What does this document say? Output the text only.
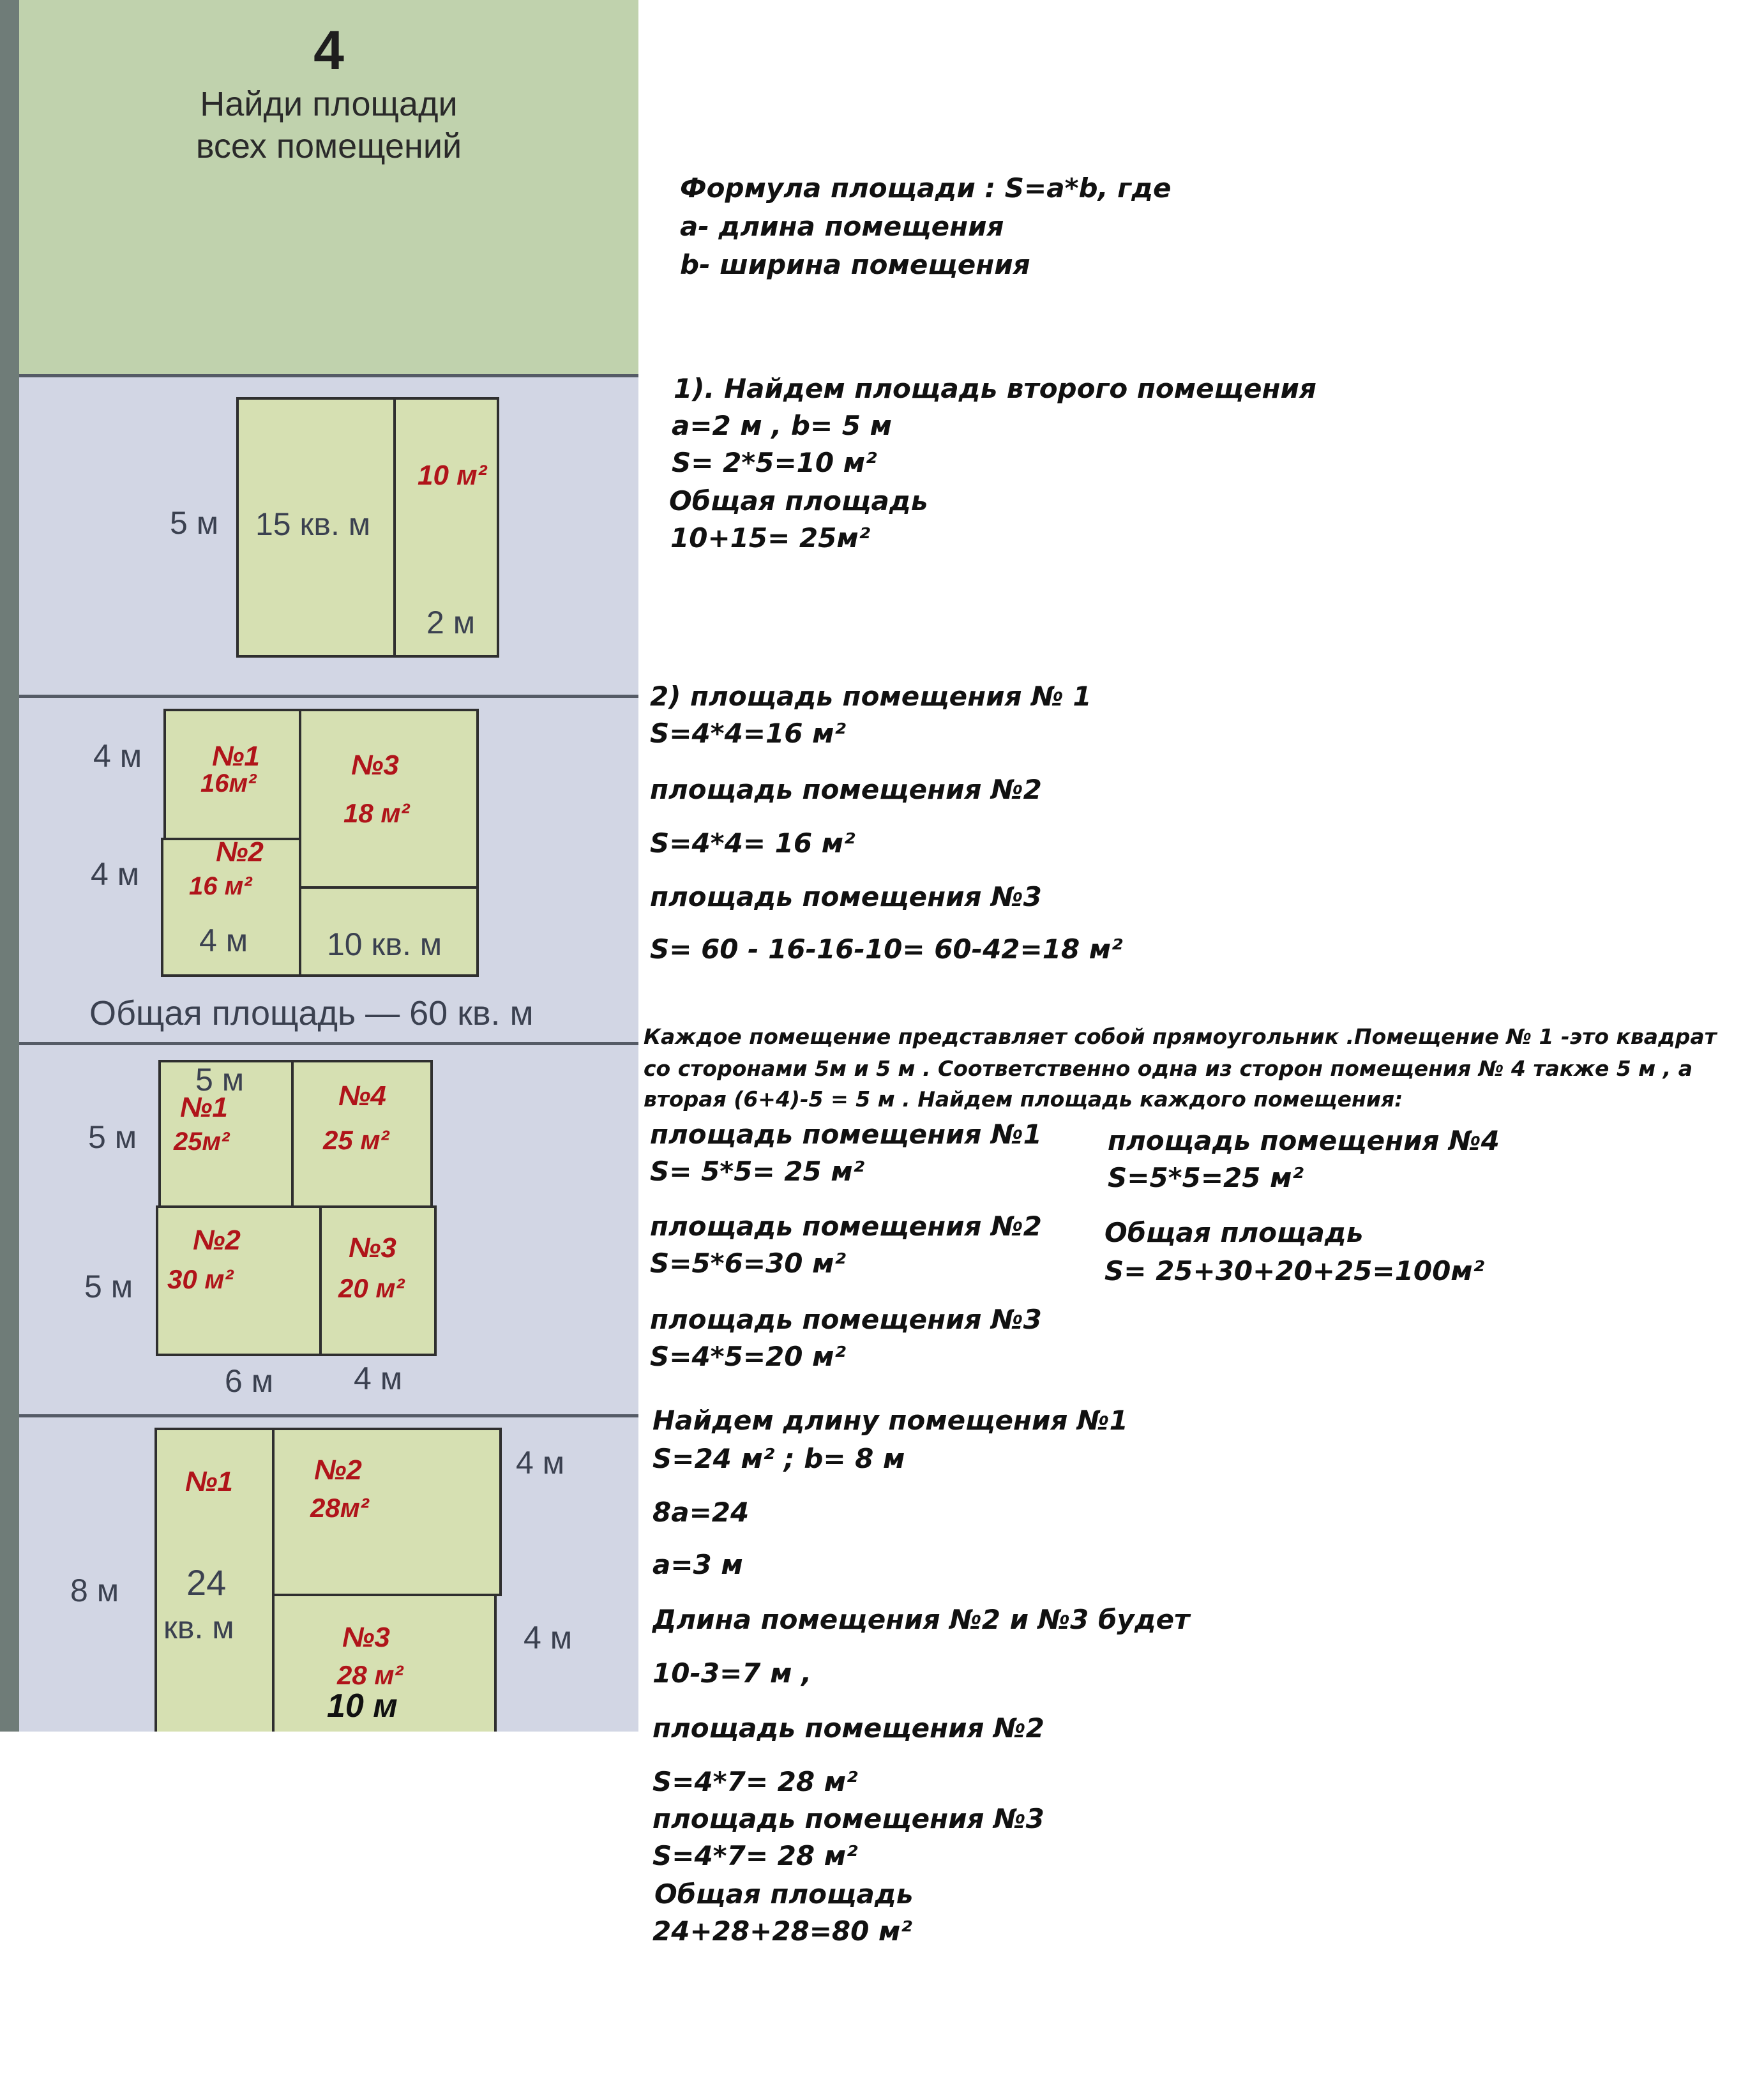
4
Найди площади
всех помещений
5 м 15 кв. м
10 м²
2 м
4 м
4 м
№1
16м²
№2
16 м²
№3
18 м²
4 м 10 кв. м
Общая площадь — 60 кв. м
5 м
5 м
5 м
№1
25м²
№4
25 м²
№2
30 м²
№3
20 м²
6 м	4 м
8 м
4 м
4 м
№1
24
кв. м
№2
28м²
№3
28 м²
10 м
Формула площади : S=a*b, где
a- длина помещения
b- ширина помещения
1). Найдем площадь второго помещения
a=2 м , b= 5 м
S= 2*5=10 м²
Общая площадь
10+15= 25м²
2) площадь помещения № 1
S=4*4=16 м²
площадь помещения №2
S=4*4= 16 м²
площадь помещения №3
S= 60 - 16-16-10= 60-42=18 м²
Каждое помещение представляет собой прямоугольник .Помещение № 1 -это квадрат
со сторонами 5м и 5 м . Соответственно одна из сторон помещения № 4 также 5 м , а
вторая (6+4)-5 = 5 м . Найдем площадь каждого помещения:
площадь помещения №1
S= 5*5= 25 м²
площадь помещения №2
S=5*6=30 м²
площадь помещения №3
S=4*5=20 м²
площадь помещения №4
S=5*5=25 м²
Общая площадь
S= 25+30+20+25=100м²
Найдем длину помещения №1
S=24 м² ; b= 8 м
8a=24
a=3 м
Длина помещения №2 и №3 будет
10-3=7 м ,
площадь помещения №2
S=4*7= 28 м²
площадь помещения №3
S=4*7= 28 м²
Общая площадь
24+28+28=80 м²
